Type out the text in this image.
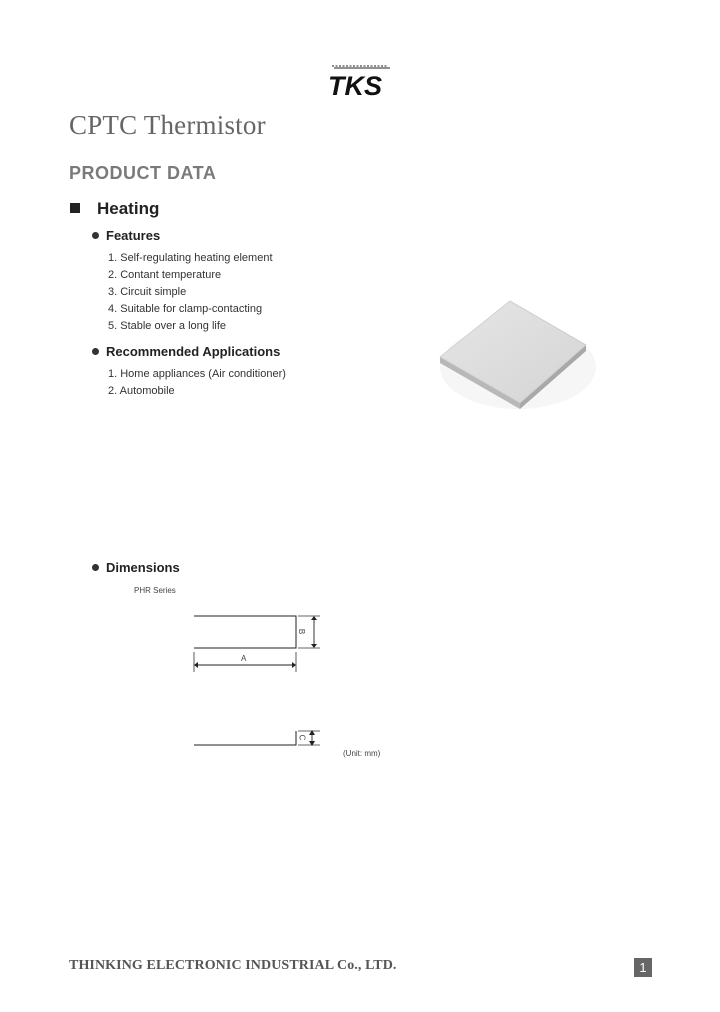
TKS
CPTC Thermistor
PRODUCT DATA
Heating
Features
1. Self-regulating heating element
2. Contant temperature
3. Circuit simple
4. Suitable for clamp-contacting
5. Stable over a long life
Recommended Applications
1. Home appliances (Air conditioner)
2. Automobile
Dimensions
PHR Series
A
B
C
(Unit: mm)
THINKING ELECTRONIC INDUSTRIAL Co., LTD.	1
